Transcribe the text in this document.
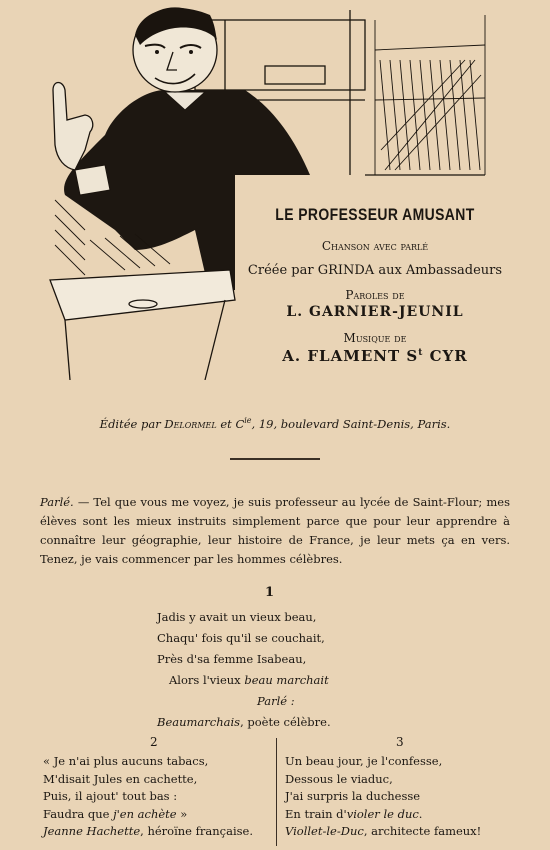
LE PROFESSEUR AMUSANT
Chanson avec parlé
Créée par GRINDA aux Ambassadeurs
Paroles de
L. GARNIER-JEUNIL
Musique de
A. FLAMENT $S^t$ CYR
Éditée par Delormel et $C^{ie}$, 19, boulevard Saint-Denis, Paris.
Parlé. — Tel que vous me voyez, je suis professeur au lycée de Saint-Flour; mes élèves sont les mieux instruits simplement parce que pour leur apprendre à connaître leur géographie, leur histoire de France, je leur mets ça en vers. Tenez, je vais commencer par les hommes célèbres.
1
Jadis y avait un vieux beau,
Chaqu' fois qu'il se couchait,
Près d'sa femme Isabeau,
Alors l'vieux beau marchait
Parlé :
Beaumarchais, poète célèbre.
2	3
« Je n'ai plus aucuns tabacs,
M'disait Jules en cachette,
Puis, il ajout' tout bas :
Faudra que j'en achète »
Jeanne Hachette, héroïne française.
Un beau jour, je l'confesse,
Dessous le viaduc,
J'ai surpris la duchesse
En train d'violer le duc.
Viollet-le-Duc, architecte fameux!
